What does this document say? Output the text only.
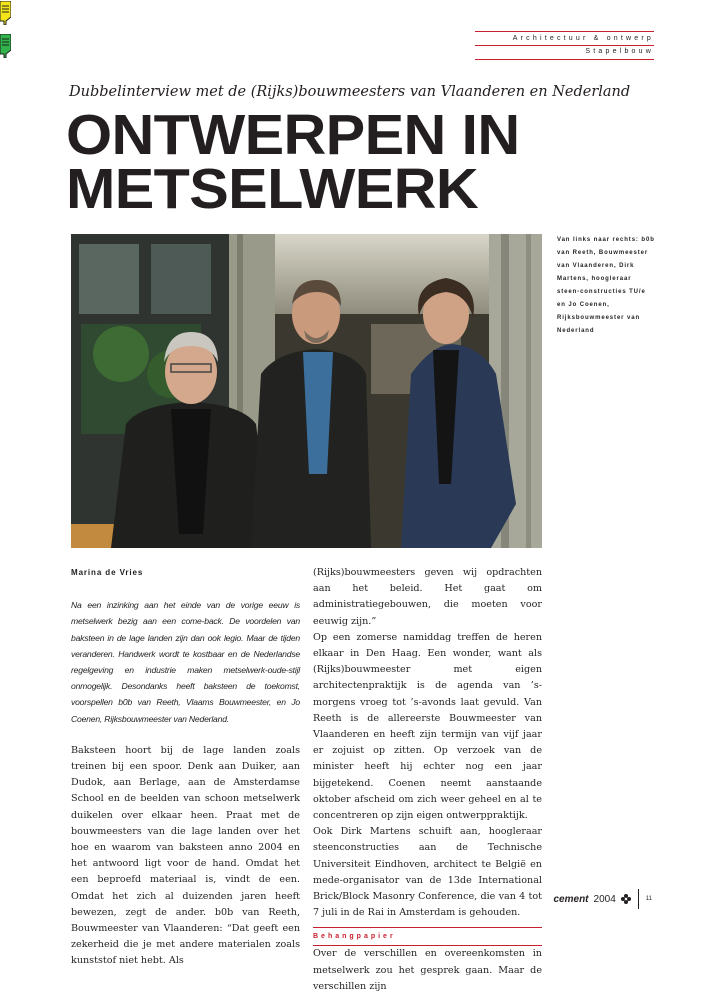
Architectuur & ontwerp
Stapelbouw
Dubbelinterview met de (Rijks)bouwmeesters van Vlaanderen en Nederland
ONTWERPEN IN
METSELWERK
Van links naar rechts: b0b van Reeth, Bouwmeester van Vlaanderen, Dirk Martens, hoogleraar steen-constructies TU/e en Jo Coenen, Rijksbouwmeester van Nederland

Marina de Vries

Na een inzinking aan het einde van de vorige eeuw is metselwerk bezig aan een come-back. De voordelen van baksteen in de lage landen zijn dan ook legio. Maar de tijden veranderen. Handwerk wordt te kostbaar en de Nederlandse regelgeving en industrie maken metselwerk-oude-stijl onmogelijk. Desondanks heeft baksteen de toekomst, voorspellen b0b van Reeth, Vlaams Bouwmeester, en Jo Coenen, Rijksbouwmeester van Nederland.

Baksteen hoort bij de lage landen zoals treinen bij een spoor. Denk aan Duiker, aan Dudok, aan Berlage, aan de Amsterdamse School en de beelden van schoon metselwerk duikelen over elkaar heen. Praat met de bouwmeesters van die lage landen over het hoe en waarom van baksteen anno 2004 en het antwoord ligt voor de hand. Omdat het een beproefd materiaal is, vindt de een. Omdat het zich al duizenden jaren heeft bewezen, zegt de ander. b0b van Reeth, Bouwmeester van Vlaanderen: “Dat geeft een zekerheid die je met andere materialen zoals kunststof niet hebt. Als

(Rijks)bouwmeesters geven wij opdrachten aan het beleid. Het gaat om administratiegebouwen, die moeten voor eeuwig zijn.”

Op een zomerse namiddag treffen de heren elkaar in Den Haag. Een wonder, want als (Rijks)bouwmeester met eigen architectenpraktijk is de agenda van ’s-morgens vroeg tot ’s-avonds laat gevuld. Van Reeth is de allereerste Bouwmeester van Vlaanderen en heeft zijn termijn van vijf jaar er zojuist op zitten. Op verzoek van de minister heeft hij echter nog een jaar bijgetekend. Coenen neemt aanstaande oktober afscheid om zich weer geheel en al te concentreren op zijn eigen ontwerppraktijk.

Ook Dirk Martens schuift aan, hoogleraar steenconstructies aan de Technische Universiteit Eindhoven, architect te België en mede-organisator van de 13de International Brick/Block Masonry Conference, die van 4 tot 7 juli in de Rai in Amsterdam is gehouden.

Behangpapier

Over de verschillen en overeenkomsten in metselwerk zou het gesprek gaan. Maar de verschillen zijn

cement 2004	11
